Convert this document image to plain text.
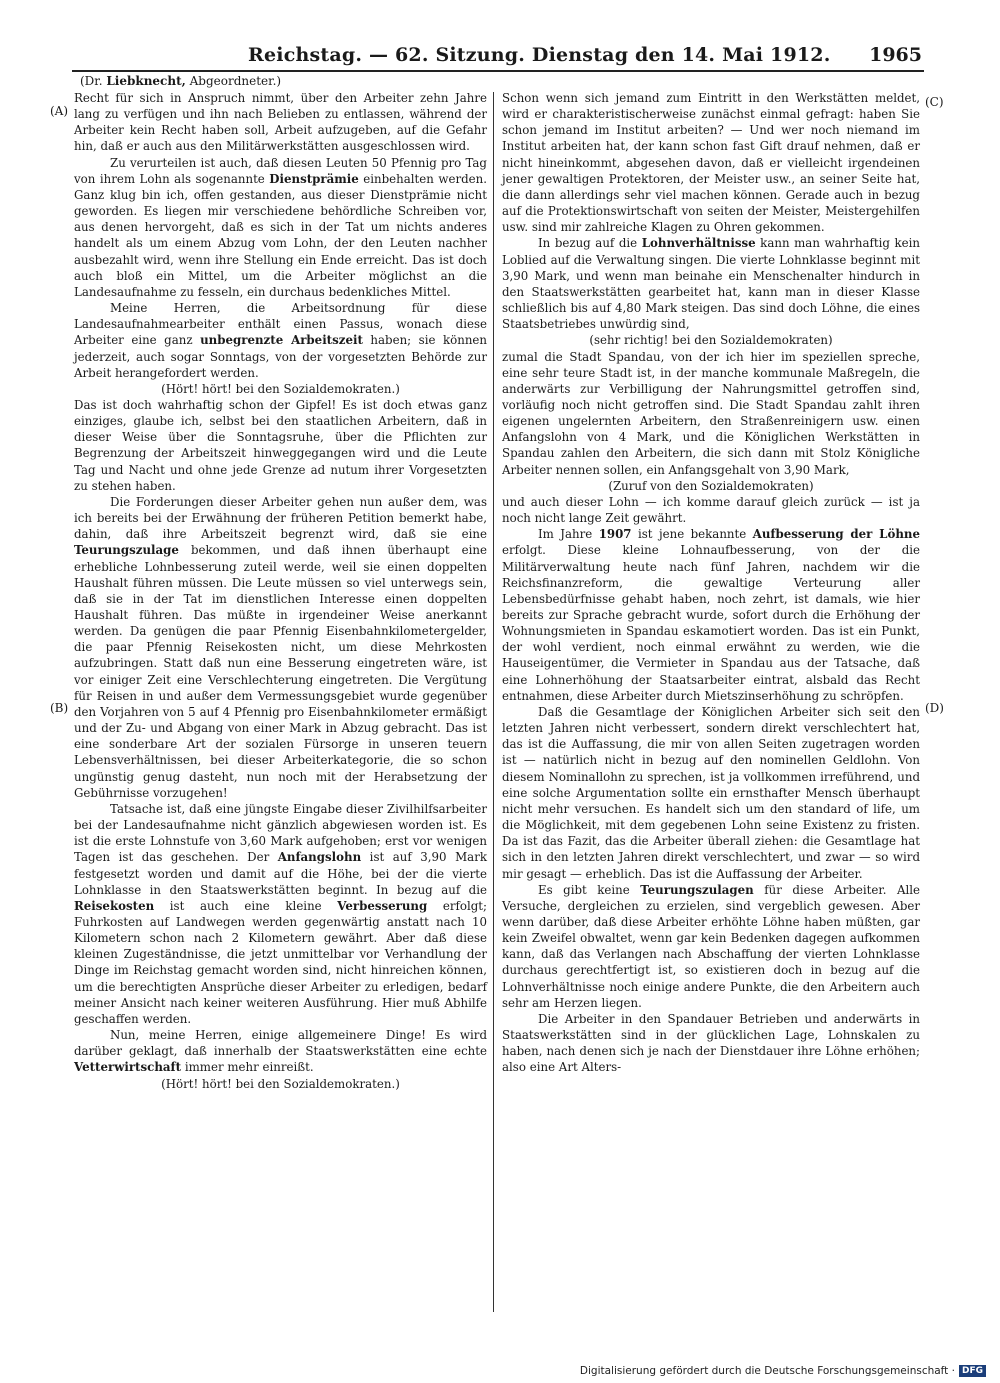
Reichstag. — 62. Sitzung. Dienstag den 14. Mai 1912. 1965
(Dr. Liebknecht, Abgeordneter.)
(A)
(B)
(C)
(D)

Recht für sich in Anspruch nimmt, über den Arbeiter zehn Jahre lang zu verfügen und ihn nach Belieben zu entlassen, während der Arbeiter kein Recht haben soll, Arbeit aufzugeben, auf die Gefahr hin, daß er auch aus den Militärwerkstätten ausgeschlossen wird.

Zu verurteilen ist auch, daß diesen Leuten 50 Pfennig pro Tag von ihrem Lohn als sogenannte Dienstprämie einbehalten werden. Ganz klug bin ich, offen gestanden, aus dieser Dienstprämie nicht geworden. Es liegen mir verschiedene behördliche Schreiben vor, aus denen hervorgeht, daß es sich in der Tat um nichts anderes handelt als um einem Abzug vom Lohn, der den Leuten nachher ausbezahlt wird, wenn ihre Stellung ein Ende erreicht. Das ist doch auch bloß ein Mittel, um die Arbeiter möglichst an die Landesaufnahme zu fesseln, ein durchaus bedenkliches Mittel.

Meine Herren, die Arbeitsordnung für diese Landesaufnahmearbeiter enthält einen Passus, wonach diese Arbeiter eine ganz unbegrenzte Arbeitszeit haben; sie können jederzeit, auch sogar Sonntags, von der vorgesetzten Behörde zur Arbeit herangefordert werden.

(Hört! hört! bei den Sozialdemokraten.)

Das ist doch wahrhaftig schon der Gipfel! Es ist doch etwas ganz einziges, glaube ich, selbst bei den staatlichen Arbeitern, daß in dieser Weise über die Sonntagsruhe, über die Pflichten zur Begrenzung der Arbeitszeit hinweggegangen wird und die Leute Tag und Nacht und ohne jede Grenze ad nutum ihrer Vorgesetzten zu stehen haben.

Die Forderungen dieser Arbeiter gehen nun außer dem, was ich bereits bei der Erwähnung der früheren Petition bemerkt habe, dahin, daß ihre Arbeitszeit begrenzt wird, daß sie eine Teurungszulage bekommen, und daß ihnen überhaupt eine erhebliche Lohnbesserung zuteil werde, weil sie einen doppelten Haushalt führen müssen. Die Leute müssen so viel unterwegs sein, daß sie in der Tat im dienstlichen Interesse einen doppelten Haushalt führen. Das müßte in irgendeiner Weise anerkannt werden. Da genügen die paar Pfennig Eisenbahnkilometergelder, die paar Pfennig Reisekosten nicht, um diese Mehrkosten aufzubringen. Statt daß nun eine Besserung eingetreten wäre, ist vor einiger Zeit eine Verschlechterung eingetreten. Die Vergütung für Reisen in und außer dem Vermessungsgebiet wurde gegenüber den Vorjahren von 5 auf 4 Pfennig pro Eisenbahnkilometer ermäßigt und der Zu- und Abgang von einer Mark in Abzug gebracht. Das ist eine sonderbare Art der sozialen Fürsorge in unseren teuern Lebensverhältnissen, bei dieser Arbeiterkategorie, die so schon ungünstig genug dasteht, nun noch mit der Herabsetzung der Gebührnisse vorzugehen!

Tatsache ist, daß eine jüngste Eingabe dieser Zivilhilfsarbeiter bei der Landesaufnahme nicht gänzlich abgewiesen worden ist. Es ist die erste Lohnstufe von 3,60 Mark aufgehoben; erst vor wenigen Tagen ist das geschehen. Der Anfangslohn ist auf 3,90 Mark festgesetzt worden und damit auf die Höhe, bei der die vierte Lohnklasse in den Staatswerkstätten beginnt. In bezug auf die Reisekosten ist auch eine kleine Verbesserung erfolgt; Fuhrkosten auf Landwegen werden gegenwärtig anstatt nach 10 Kilometern schon nach 2 Kilometern gewährt. Aber daß diese kleinen Zugeständnisse, die jetzt unmittelbar vor Verhandlung der Dinge im Reichstag gemacht worden sind, nicht hinreichen können, um die berechtigten Ansprüche dieser Arbeiter zu erledigen, bedarf meiner Ansicht nach keiner weiteren Ausführung. Hier muß Abhilfe geschaffen werden.

Nun, meine Herren, einige allgemeinere Dinge! Es wird darüber geklagt, daß innerhalb der Staatswerkstätten eine echte Vetterwirtschaft immer mehr einreißt.

(Hört! hört! bei den Sozialdemokraten.)

Schon wenn sich jemand zum Eintritt in den Werkstätten meldet, wird er charakteristischerweise zunächst einmal gefragt: haben Sie schon jemand im Institut arbeiten? — Und wer noch niemand im Institut arbeiten hat, der kann schon fast Gift drauf nehmen, daß er nicht hineinkommt, abgesehen davon, daß er vielleicht irgendeinen jener gewaltigen Protektoren, der Meister usw., an seiner Seite hat, die dann allerdings sehr viel machen können. Gerade auch in bezug auf die Protektionswirtschaft von seiten der Meister, Meistergehilfen usw. sind mir zahlreiche Klagen zu Ohren gekommen.

In bezug auf die Lohnverhältnisse kann man wahrhaftig kein Loblied auf die Verwaltung singen. Die vierte Lohnklasse beginnt mit 3,90 Mark, und wenn man beinahe ein Menschenalter hindurch in den Staatswerkstätten gearbeitet hat, kann man in dieser Klasse schließlich bis auf 4,80 Mark steigen. Das sind doch Löhne, die eines Staatsbetriebes unwürdig sind,

(sehr richtig! bei den Sozialdemokraten)

zumal die Stadt Spandau, von der ich hier im speziellen spreche, eine sehr teure Stadt ist, in der manche kommunale Maßregeln, die anderwärts zur Verbilligung der Nahrungsmittel getroffen sind, vorläufig noch nicht getroffen sind. Die Stadt Spandau zahlt ihren eigenen ungelernten Arbeitern, den Straßenreinigern usw. einen Anfangslohn von 4 Mark, und die Königlichen Werkstätten in Spandau zahlen den Arbeitern, die sich dann mit Stolz Königliche Arbeiter nennen sollen, ein Anfangsgehalt von 3,90 Mark,

(Zuruf von den Sozialdemokraten)

und auch dieser Lohn — ich komme darauf gleich zurück — ist ja noch nicht lange Zeit gewährt.

Im Jahre 1907 ist jene bekannte Aufbesserung der Löhne erfolgt. Diese kleine Lohnaufbesserung, von der die Militärverwaltung heute nach fünf Jahren, nachdem wir die Reichsfinanzreform, die gewaltige Verteurung aller Lebensbedürfnisse gehabt haben, noch zehrt, ist damals, wie hier bereits zur Sprache gebracht wurde, sofort durch die Erhöhung der Wohnungsmieten in Spandau eskamotiert worden. Das ist ein Punkt, der wohl verdient, noch einmal erwähnt zu werden, wie die Hauseigentümer, die Vermieter in Spandau aus der Tatsache, daß eine Lohnerhöhung der Staatsarbeiter eintrat, alsbald das Recht entnahmen, diese Arbeiter durch Mietszinserhöhung zu schröpfen.

Daß die Gesamtlage der Königlichen Arbeiter sich seit den letzten Jahren nicht verbessert, sondern direkt verschlechtert hat, das ist die Auffassung, die mir von allen Seiten zugetragen worden ist — natürlich nicht in bezug auf den nominellen Geldlohn. Von diesem Nominallohn zu sprechen, ist ja vollkommen irreführend, und eine solche Argumentation sollte ein ernsthafter Mensch überhaupt nicht mehr versuchen. Es handelt sich um den standard of life, um die Möglichkeit, mit dem gegebenen Lohn seine Existenz zu fristen. Da ist das Fazit, das die Arbeiter überall ziehen: die Gesamtlage hat sich in den letzten Jahren direkt verschlechtert, und zwar — so wird mir gesagt — erheblich. Das ist die Auffassung der Arbeiter.

Es gibt keine Teurungszulagen für diese Arbeiter. Alle Versuche, dergleichen zu erzielen, sind vergeblich gewesen. Aber wenn darüber, daß diese Arbeiter erhöhte Löhne haben müßten, gar kein Zweifel obwaltet, wenn gar kein Bedenken dagegen aufkommen kann, daß das Verlangen nach Abschaffung der vierten Lohnklasse durchaus gerechtfertigt ist, so existieren doch in bezug auf die Lohnverhältnisse noch einige andere Punkte, die den Arbeitern auch sehr am Herzen liegen.

Die Arbeiter in den Spandauer Betrieben und anderwärts in Staatswerkstätten sind in der glücklichen Lage, Lohnskalen zu haben, nach denen sich je nach der Dienstdauer ihre Löhne erhöhen; also eine Art Alters-

Digitalisierung gefördert durch die Deutsche Forschungsgemeinschaft · DFG
